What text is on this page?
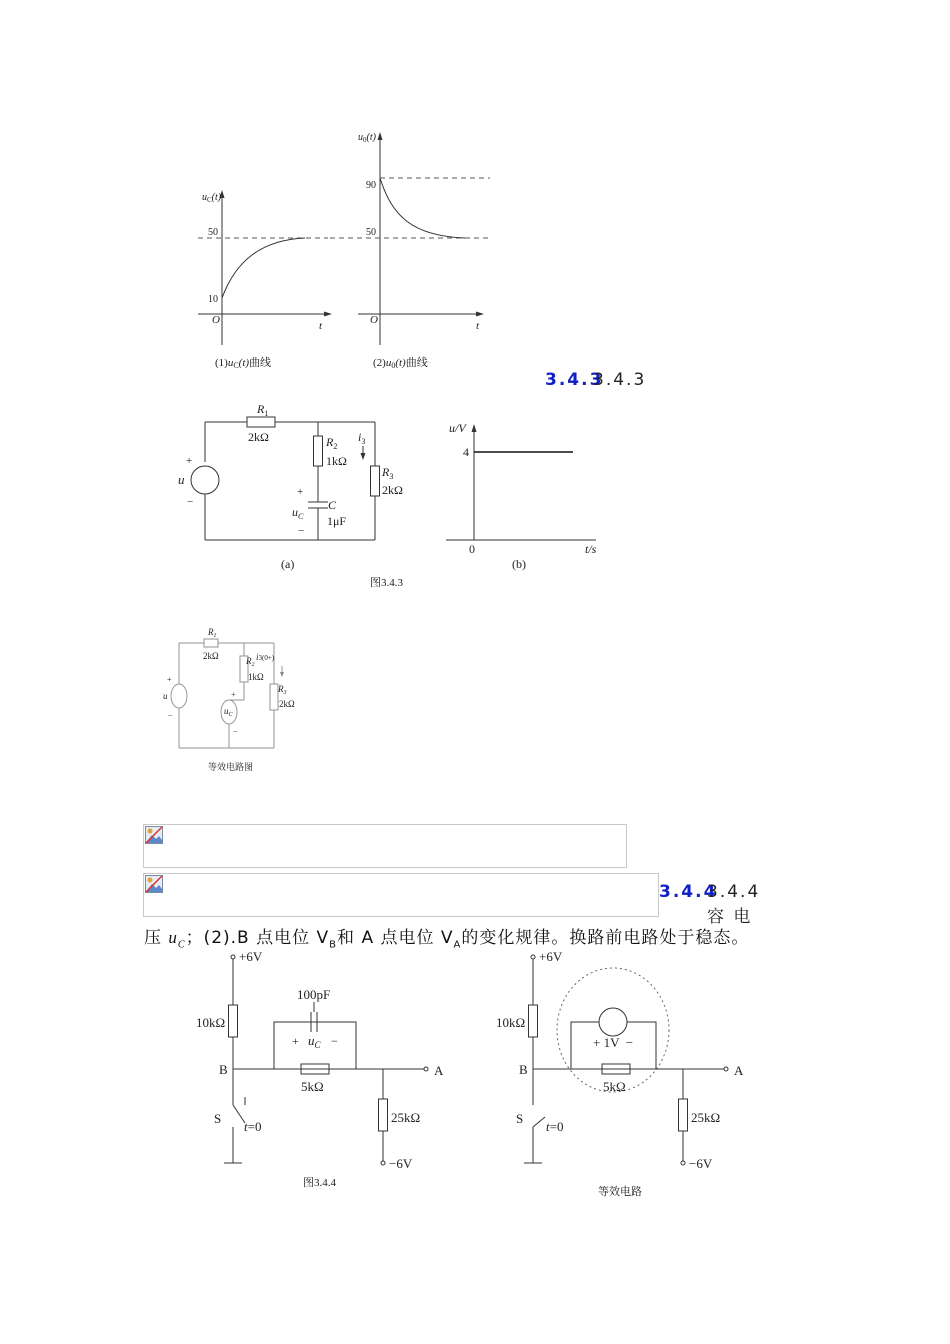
$u_C(t)$
50
10
O	t
(1)uC(t)曲线
$u_0(t)$
90
50
O	t
(2)u0(t)曲线
3.4.3
3.4.3
$R_1$
2kΩ	$R_2$
1kΩ
$i_3$
$R_3$
2kΩ
C
1μF
+
$u_C$
−
+
u
−
(a)
u/V
4
0	t/s
(b)
图3.4.3
$R_1$
2kΩ	$R_2$
1kΩ
i3(0+)
$R_3$
2kΩ
+
$u_C$
−
+
u
−
等效电路图
3.4.4
3.4.4 容 电
压 $u_C$；(2).B 点电位 $V_B$和 A 点电位 $V_A$的变化规律。换路前电路处于稳态。
+6V
10kΩ
100pF
+ $u_C$ −
B	A
5kΩ
25kΩ
S
t=0
−6V
图3.4.4
+6V
10kΩ
+ 1V  −
B	A
5kΩ
25kΩ
S
t=0
−6V
等效电路
